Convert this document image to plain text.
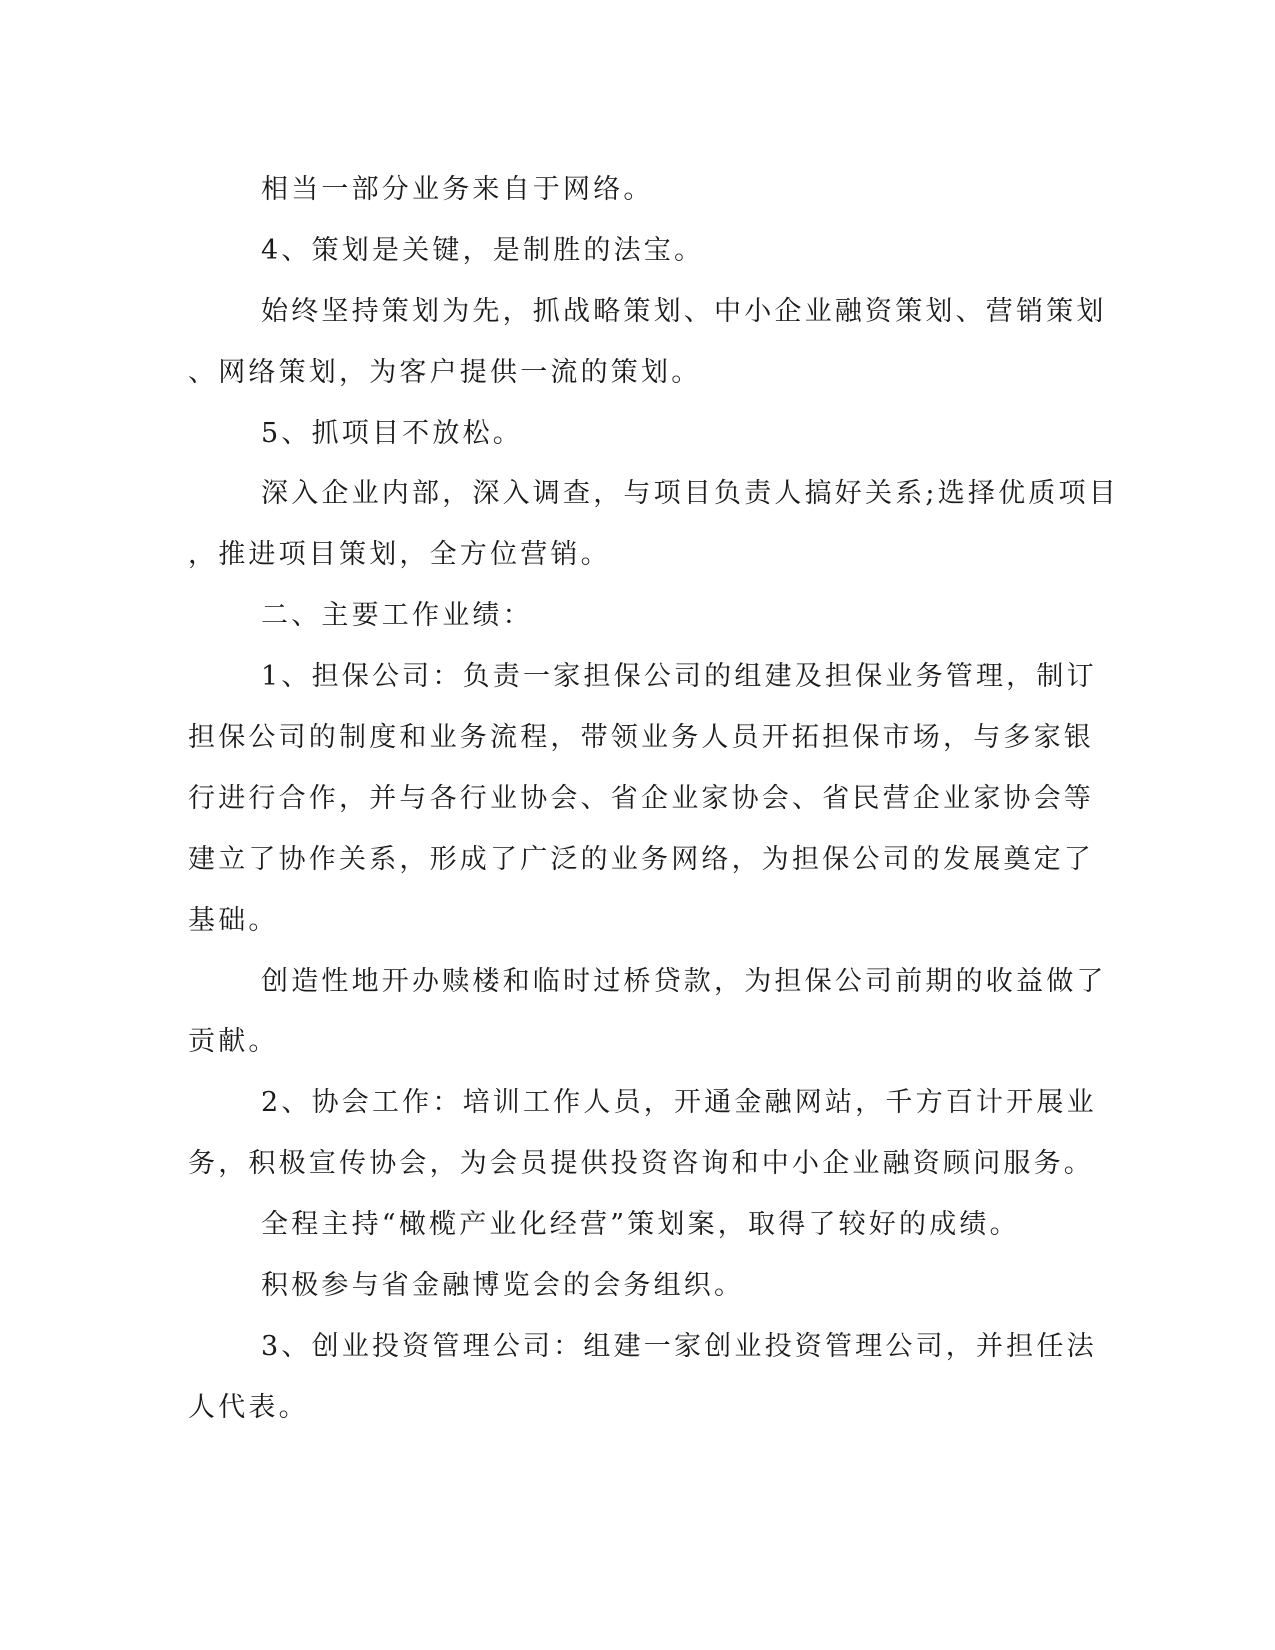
相当一部分业务来自于网络。
4、策划是关键，是制胜的法宝。
始终坚持策划为先，抓战略策划、中小企业融资策划、营销策划
、网络策划，为客户提供一流的策划。
5、抓项目不放松。
深入企业内部，深入调查，与项目负责人搞好关系;选择优质项目
，推进项目策划，全方位营销。
二、主要工作业绩：
1、担保公司：负责一家担保公司的组建及担保业务管理，制订
担保公司的制度和业务流程，带领业务人员开拓担保市场，与多家银
行进行合作，并与各行业协会、省企业家协会、省民营企业家协会等
建立了协作关系，形成了广泛的业务网络，为担保公司的发展奠定了
基础。
创造性地开办赎楼和临时过桥贷款，为担保公司前期的收益做了
贡献。
2、协会工作：培训工作人员，开通金融网站，千方百计开展业
务，积极宣传协会，为会员提供投资咨询和中小企业融资顾问服务。
全程主持“橄榄产业化经营”策划案，取得了较好的成绩。
积极参与省金融博览会的会务组织。
3、创业投资管理公司：组建一家创业投资管理公司，并担任法
人代表。
